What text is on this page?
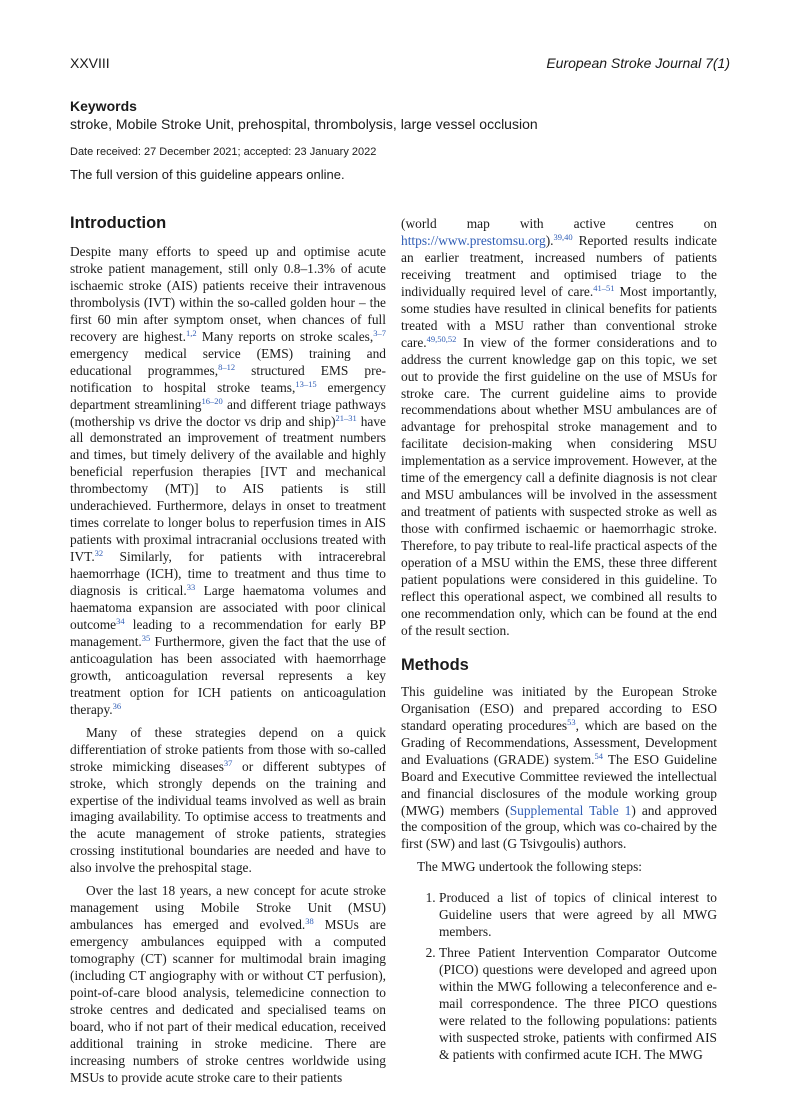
XXVIII	European Stroke Journal 7(1)
Keywords
stroke, Mobile Stroke Unit, prehospital, thrombolysis, large vessel occlusion
Date received: 27 December 2021; accepted: 23 January 2022
The full version of this guideline appears online.
Introduction

Despite many efforts to speed up and optimise acute stroke patient management, still only 0.8–1.3% of acute ischaemic stroke (AIS) patients receive their intravenous thrombolysis (IVT) within the so-called golden hour – the first 60 min after symptom onset, when chances of full recovery are highest.$^{1,2}$ Many reports on stroke scales,$^{3-7}$ emergency medical service (EMS) training and educational programmes,$^{8-12}$ structured EMS pre-notification to hospital stroke teams,$^{13-15}$ emergency department streamlining$^{16-20}$ and different triage pathways (mothership vs drive the doctor vs drip and ship)$^{21-31}$ have all demonstrated an improvement of treatment numbers and times, but timely delivery of the available and highly beneficial reperfusion therapies [IVT and mechanical thrombectomy (MT)] to AIS patients is still underachieved. Furthermore, delays in onset to treatment times correlate to longer bolus to reperfusion times in AIS patients with proximal intracranial occlusions treated with IVT.$^{32}$ Similarly, for patients with intracerebral haemorrhage (ICH), time to treatment and thus time to diagnosis is critical.$^{33}$ Large haematoma volumes and haematoma expansion are associated with poor clinical outcome$^{34}$ leading to a recommendation for early BP management.$^{35}$ Furthermore, given the fact that the use of anticoagulation has been associated with haemorrhage growth, anticoagulation reversal represents a key treatment option for ICH patients on anticoagulation therapy.$^{36}$

Many of these strategies depend on a quick differentiation of stroke patients from those with so-called stroke mimicking diseases$^{37}$ or different subtypes of stroke, which strongly depends on the training and expertise of the individual teams involved as well as brain imaging availability. To optimise access to treatments and the acute management of stroke patients, strategies crossing institutional boundaries are needed and have to also involve the prehospital stage.

Over the last 18 years, a new concept for acute stroke management using Mobile Stroke Unit (MSU) ambulances has emerged and evolved.$^{38}$ MSUs are emergency ambulances equipped with a computed tomography (CT) scanner for multimodal brain imaging (including CT angiography with or without CT perfusion), point-of-care blood analysis, telemedicine connection to stroke centres and dedicated and specialised teams on board, who if not part of their medical education, received additional training in stroke medicine. There are increasing numbers of stroke centres worldwide using MSUs to provide acute stroke care to their patients

(world map with active centres on https://www.prestomsu.org).$^{39,40}$ Reported results indicate an earlier treatment, increased numbers of patients receiving treatment and optimised triage to the individually required level of care.$^{41-51}$ Most importantly, some studies have resulted in clinical benefits for patients treated with a MSU rather than conventional stroke care.$^{49,50,52}$ In view of the former considerations and to address the current knowledge gap on this topic, we set out to provide the first guideline on the use of MSUs for stroke care. The current guideline aims to provide recommendations about whether MSU ambulances are of advantage for prehospital stroke management and to facilitate decision-making when considering MSU implementation as a service improvement. However, at the time of the emergency call a definite diagnosis is not clear and MSU ambulances will be involved in the assessment and treatment of patients with suspected stroke as well as those with confirmed ischaemic or haemorrhagic stroke. Therefore, to pay tribute to real-life practical aspects of the operation of a MSU within the EMS, these three different patient populations were considered in this guideline. To reflect this operational aspect, we combined all results to one recommendation only, which can be found at the end of the result section.

Methods

This guideline was initiated by the European Stroke Organisation (ESO) and prepared according to ESO standard operating procedures$^{53}$, which are based on the Grading of Recommendations, Assessment, Development and Evaluations (GRADE) system.$^{54}$ The ESO Guideline Board and Executive Committee reviewed the intellectual and financial disclosures of the module working group (MWG) members (Supplemental Table 1) and approved the composition of the group, which was co-chaired by the first (SW) and last (G Tsivgoulis) authors.

The MWG undertook the following steps:

1. Produced a list of topics of clinical interest to Guideline users that were agreed by all MWG members.
2. Three Patient Intervention Comparator Outcome (PICO) questions were developed and agreed upon within the MWG following a teleconference and e-mail correspondence. The three PICO questions were related to the following populations: patients with suspected stroke, patients with confirmed AIS & patients with confirmed acute ICH. The MWG
